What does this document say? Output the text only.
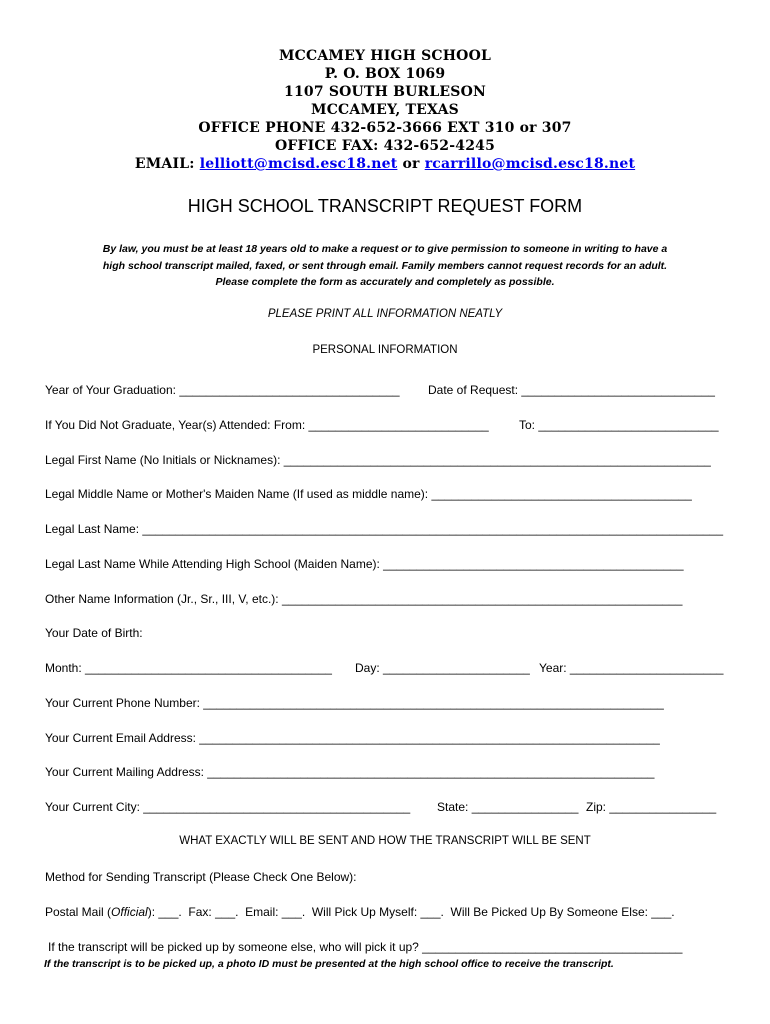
MCCAMEY HIGH SCHOOL
P. O. BOX 1069
1107 SOUTH BURLESON
MCCAMEY, TEXAS
OFFICE PHONE 432-652-3666 EXT 310 or 307
OFFICE FAX: 432-652-4245
EMAIL: lelliott@mcisd.esc18.net or rcarrillo@mcisd.esc18.net
HIGH SCHOOL TRANSCRIPT REQUEST FORM
By law, you must be at least 18 years old to make a request or to give permission to someone in writing to have a
high school transcript mailed, faxed, or sent through email. Family members cannot request records for an adult.
Please complete the form as accurately and completely as possible.
PLEASE PRINT ALL INFORMATION NEATLY
PERSONAL INFORMATION
Year of Your Graduation: _________________________________ Date of Request: _____________________________
If You Did Not Graduate, Year(s) Attended: From: ___________________________	To: ___________________________
Legal First Name (No Initials or Nicknames): ________________________________________________________________
Legal Middle Name or Mother's Maiden Name (If used as middle name): _______________________________________
Legal Last Name: _______________________________________________________________________________________
Legal Last Name While Attending High School (Maiden Name): _____________________________________________
Other Name Information (Jr., Sr., III, V, etc.): ____________________________________________________________
Your Date of Birth:
Month: _____________________________________ Day: ______________________ Year: _______________________
Your Current Phone Number: _____________________________________________________________________
Your Current Email Address: _____________________________________________________________________
Your Current Mailing Address: ___________________________________________________________________
Your Current City: ________________________________________ State: ________________ Zip: ________________
WHAT EXACTLY WILL BE SENT AND HOW THE TRANSCRIPT WILL BE SENT
Method for Sending Transcript (Please Check One Below):
Postal Mail (Official): ___. Fax: ___. Email: ___. Will Pick Up Myself: ___. Will Be Picked Up By Someone Else: ___.
If the transcript will be picked up by someone else, who will pick it up? _______________________________________
If the transcript is to be picked up, a photo ID must be presented at the high school office to receive the transcript.
